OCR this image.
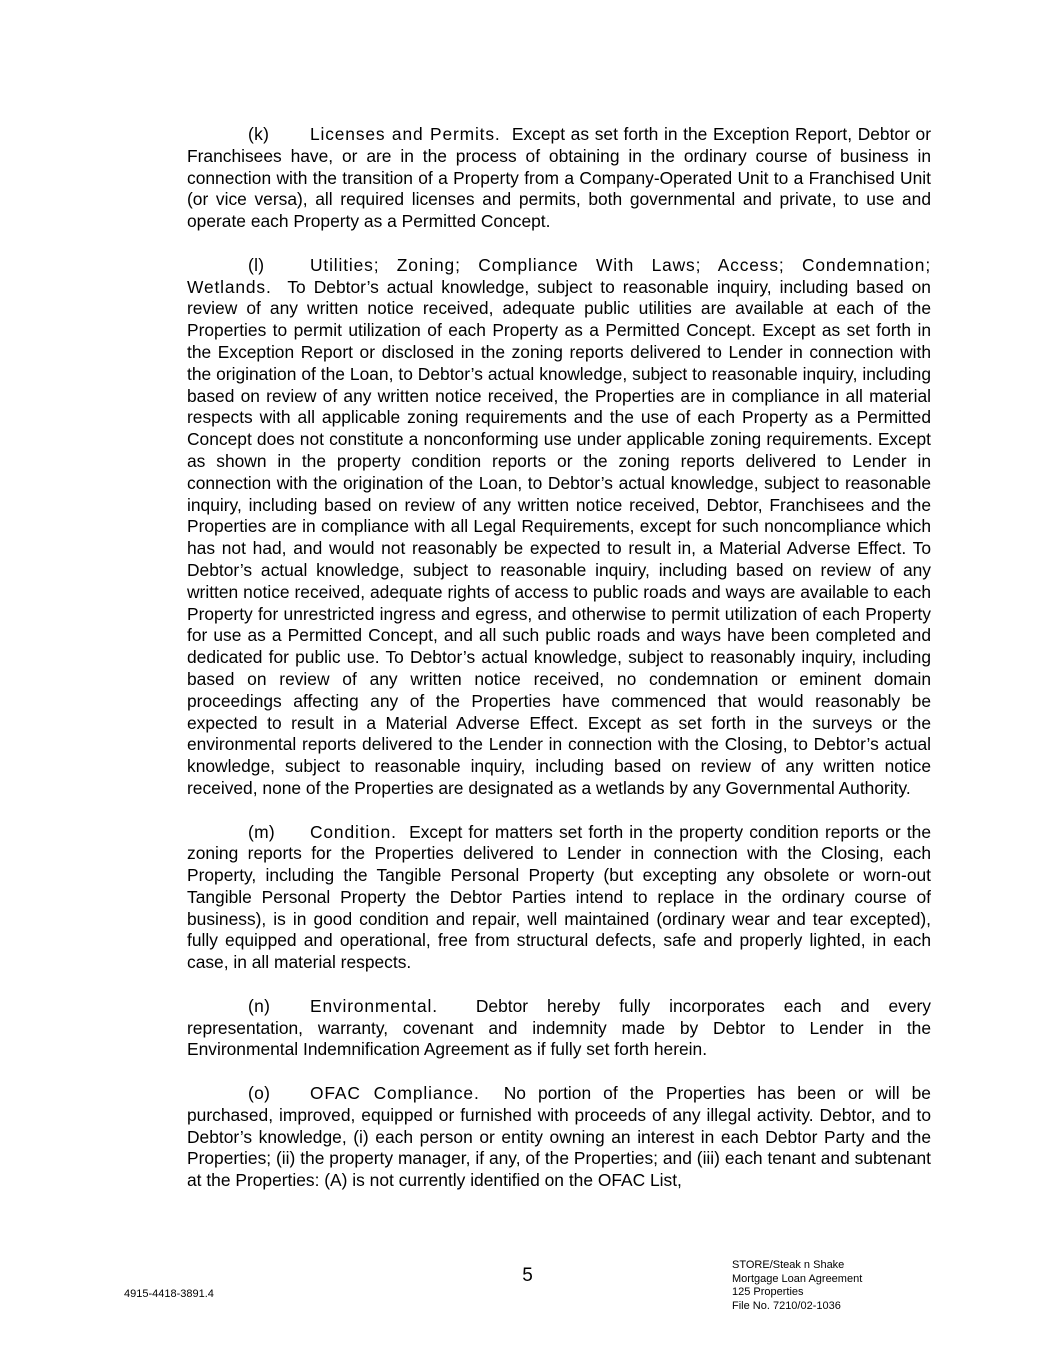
(k) Licenses and Permits. Except as set forth in the Exception Report, Debtor or Franchisees have, or are in the process of obtaining in the ordinary course of business in connection with the transition of a Property from a Company-Operated Unit to a Franchised Unit (or vice versa), all required licenses and permits, both governmental and private, to use and operate each Property as a Permitted Concept.

(l)	Utilities; Zoning; Compliance With Laws; Access; Condemnation; Wetlands. To Debtor’s actual knowledge, subject to reasonable inquiry, including based on review of any written notice received, adequate public utilities are available at each of the Properties to permit utilization of each Property as a Permitted Concept. Except as set forth in the Exception Report or disclosed in the zoning reports delivered to Lender in connection with the origination of the Loan, to Debtor’s actual knowledge, subject to reasonable inquiry, including based on review of any written notice received, the Properties are in compliance in all material respects with all applicable zoning requirements and the use of each Property as a Permitted Concept does not constitute a nonconforming use under applicable zoning requirements. Except as shown in the property condition reports or the zoning reports delivered to Lender in connection with the origination of the Loan, to Debtor’s actual knowledge, subject to reasonable inquiry, including based on review of any written notice received, Debtor, Franchisees and the Properties are in compliance with all Legal Requirements, except for such noncompliance which has not had, and would not reasonably be expected to result in, a Material Adverse Effect. To Debtor’s actual knowledge, subject to reasonable inquiry, including based on review of any written notice received, adequate rights of access to public roads and ways are available to each Property for unrestricted ingress and egress, and otherwise to permit utilization of each Property for use as a Permitted Concept, and all such public roads and ways have been completed and dedicated for public use. To Debtor’s actual knowledge, subject to reasonably inquiry, including based on review of any written notice received, no condemnation or eminent domain proceedings affecting any of the Properties have commenced that would reasonably be expected to result in a Material Adverse Effect. Except as set forth in the surveys or the environmental reports delivered to the Lender in connection with the Closing, to Debtor’s actual knowledge, subject to reasonable inquiry, including based on review of any written notice received, none of the Properties are designated as a wetlands by any Governmental Authority.

(m) Condition. Except for matters set forth in the property condition reports or the zoning reports for the Properties delivered to Lender in connection with the Closing, each Property, including the Tangible Personal Property (but excepting any obsolete or worn-out Tangible Personal Property the Debtor Parties intend to replace in the ordinary course of business), is in good condition and repair, well maintained (ordinary wear and tear excepted), fully equipped and operational, free from structural defects, safe and properly lighted, in each case, in all material respects.

(n) Environmental. Debtor hereby fully incorporates each and every representation, warranty, covenant and indemnity made by Debtor to Lender in the Environmental Indemnification Agreement as if fully set forth herein.

(o) OFAC Compliance. No portion of the Properties has been or will be purchased, improved, equipped or furnished with proceeds of any illegal activity. Debtor, and to Debtor’s knowledge, (i) each person or entity owning an interest in each Debtor Party and the Properties; (ii) the property manager, if any, of the Properties; and (iii) each tenant and subtenant at the Properties: (A) is not currently identified on the OFAC List,

5
4915-4418-3891.4
STORE/Steak n Shake
Mortgage Loan Agreement
125 Properties
File No. 7210/02-1036
